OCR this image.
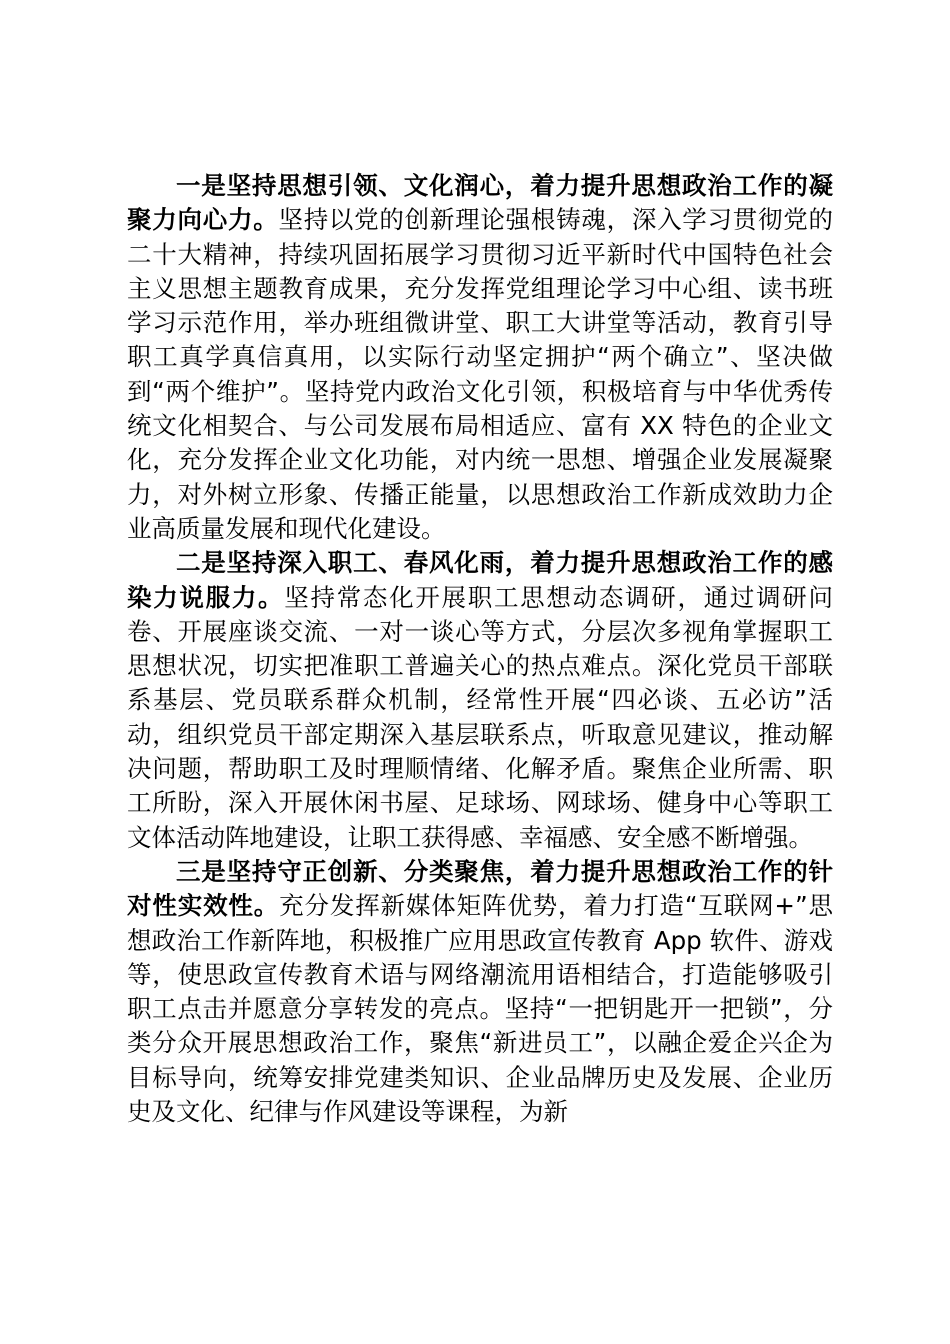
一是坚持思想引领、文化润心，着力提升思想政治工作的凝聚力向心力。坚持以党的创新理论强根铸魂，深入学习贯彻党的二十大精神，持续巩固拓展学习贯彻习近平新时代中国特色社会主义思想主题教育成果，充分发挥党组理论学习中心组、读书班学习示范作用，举办班组微讲堂、职工大讲堂等活动，教育引导职工真学真信真用，以实际行动坚定拥护“两个确立”、坚决做到“两个维护”。坚持党内政治文化引领，积极培育与中华优秀传统文化相契合、与公司发展布局相适应、富有 XX 特色的企业文化，充分发挥企业文化功能，对内统一思想、增强企业发展凝聚力，对外树立形象、传播正能量，以思想政治工作新成效助力企业高质量发展和现代化建设。

二是坚持深入职工、春风化雨，着力提升思想政治工作的感染力说服力。坚持常态化开展职工思想动态调研，通过调研问卷、开展座谈交流、一对一谈心等方式，分层次多视角掌握职工思想状况，切实把准职工普遍关心的热点难点。深化党员干部联系基层、党员联系群众机制，经常性开展“四必谈、五必访”活动，组织党员干部定期深入基层联系点，听取意见建议，推动解决问题，帮助职工及时理顺情绪、化解矛盾。聚焦企业所需、职工所盼，深入开展休闲书屋、足球场、网球场、健身中心等职工文体活动阵地建设，让职工获得感、幸福感、安全感不断增强。

三是坚持守正创新、分类聚焦，着力提升思想政治工作的针对性实效性。充分发挥新媒体矩阵优势，着力打造“互联网+”思想政治工作新阵地，积极推广应用思政宣传教育 App 软件、游戏等，使思政宣传教育术语与网络潮流用语相结合，打造能够吸引职工点击并愿意分享转发的亮点。坚持“一把钥匙开一把锁”，分类分众开展思想政治工作，聚焦“新进员工”，以融企爱企兴企为目标导向，统筹安排党建类知识、企业品牌历史及发展、企业历史及文化、纪律与作风建设等课程，为新
